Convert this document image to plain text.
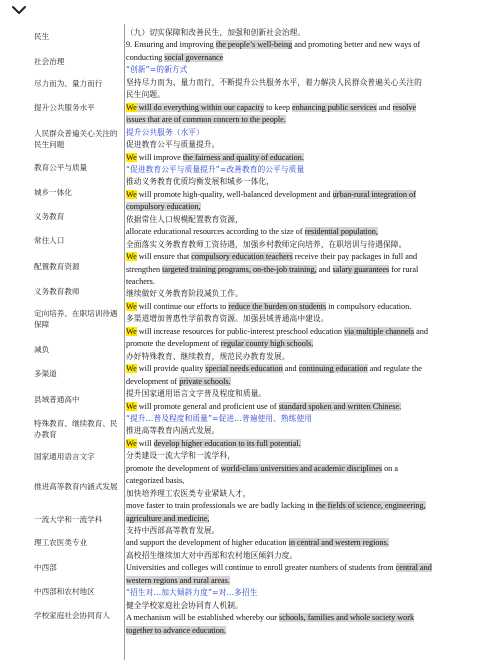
民生
社会治理
尽力而为、量力而行
提升公共服务水平
人民群众普遍关心关注的民生问题
教育公平与质量
城乡一体化
义务教育
常住人口
配置教育资源
义务教育教师
定向培养、在职培训待遇保障
减负
多渠道
县域普通高中
特殊教育、继续教育、民办教育
国家通用语言文字
推进高等教育内涵式发展
一流大学和一流学科
理工农医类专业
中西部
中西部和农村地区
学校家庭社会协同育人
（九）切实保障和改善民生，加强和创新社会治理。
9. Ensuring and improving the people’s well-being and promoting better and new ways of
conducting social governance
“创新”=的新方式
坚持尽力而为、量力而行，不断提升公共服务水平，着力解决人民群众普遍关心关注的
民生问题。
We will do everything within our capacity to keep enhancing public services and resolve
issues that are of common concern to the people.
提升公共服务（水平）
促进教育公平与质量提升。
We will improve the fairness and quality of education.
“促进教育公平与质量提升”=改善教育的公平与质量
推动义务教育优质均衡发展和城乡一体化，
We will promote high-quality, well-balanced development and urban-rural integration of
compulsory education,
依据常住人口规模配置教育资源，
allocate educational resources according to the size of residential population,
全面落实义务教育教师工资待遇，加强乡村教师定向培养、在职培训与待遇保障。
We will ensure that compulsory education teachers receive their pay packages in full and
strengthen targeted training programs, on-the-job training, and salary guarantees for rural
teachers.
继续做好义务教育阶段减负工作。
We will continue our efforts to reduce the burden on students in compulsory education.
多渠道增加普惠性学前教育资源。加强县域普通高中建设。
We will increase resources for public-interest preschool education via multiple channels and
promote the development of regular county high schools.
办好特殊教育、继续教育，规范民办教育发展。
We will provide quality special needs education and continuing education and regulate the
development of private schools.
提升国家通用语言文字普及程度和质量。
We will promote general and proficient use of standard spoken and written Chinese.
“提升…普及程度和质量”=促进…普遍使用、熟练使用
推进高等教育内涵式发展。
We will develop higher education to its full potential.
分类建设一流大学和一流学科，
promote the development of world-class universities and academic disciplines on a
categorized basis,
加快培养理工农医类专业紧缺人才，
move faster to train professionals we are badly lacking in the fields of science, engineering,
agriculture and medicine,
支持中西部高等教育发展。
and support the development of higher education in central and western regions.
高校招生继续加大对中西部和农村地区倾斜力度。
Universities and colleges will continue to enroll greater numbers of students from central and
western regions and rural areas.
“招生对…加大倾斜力度”=对…多招生
健全学校家庭社会协同育人机制。
A mechanism will be established whereby our schools, families and whole society work
together to advance education.
